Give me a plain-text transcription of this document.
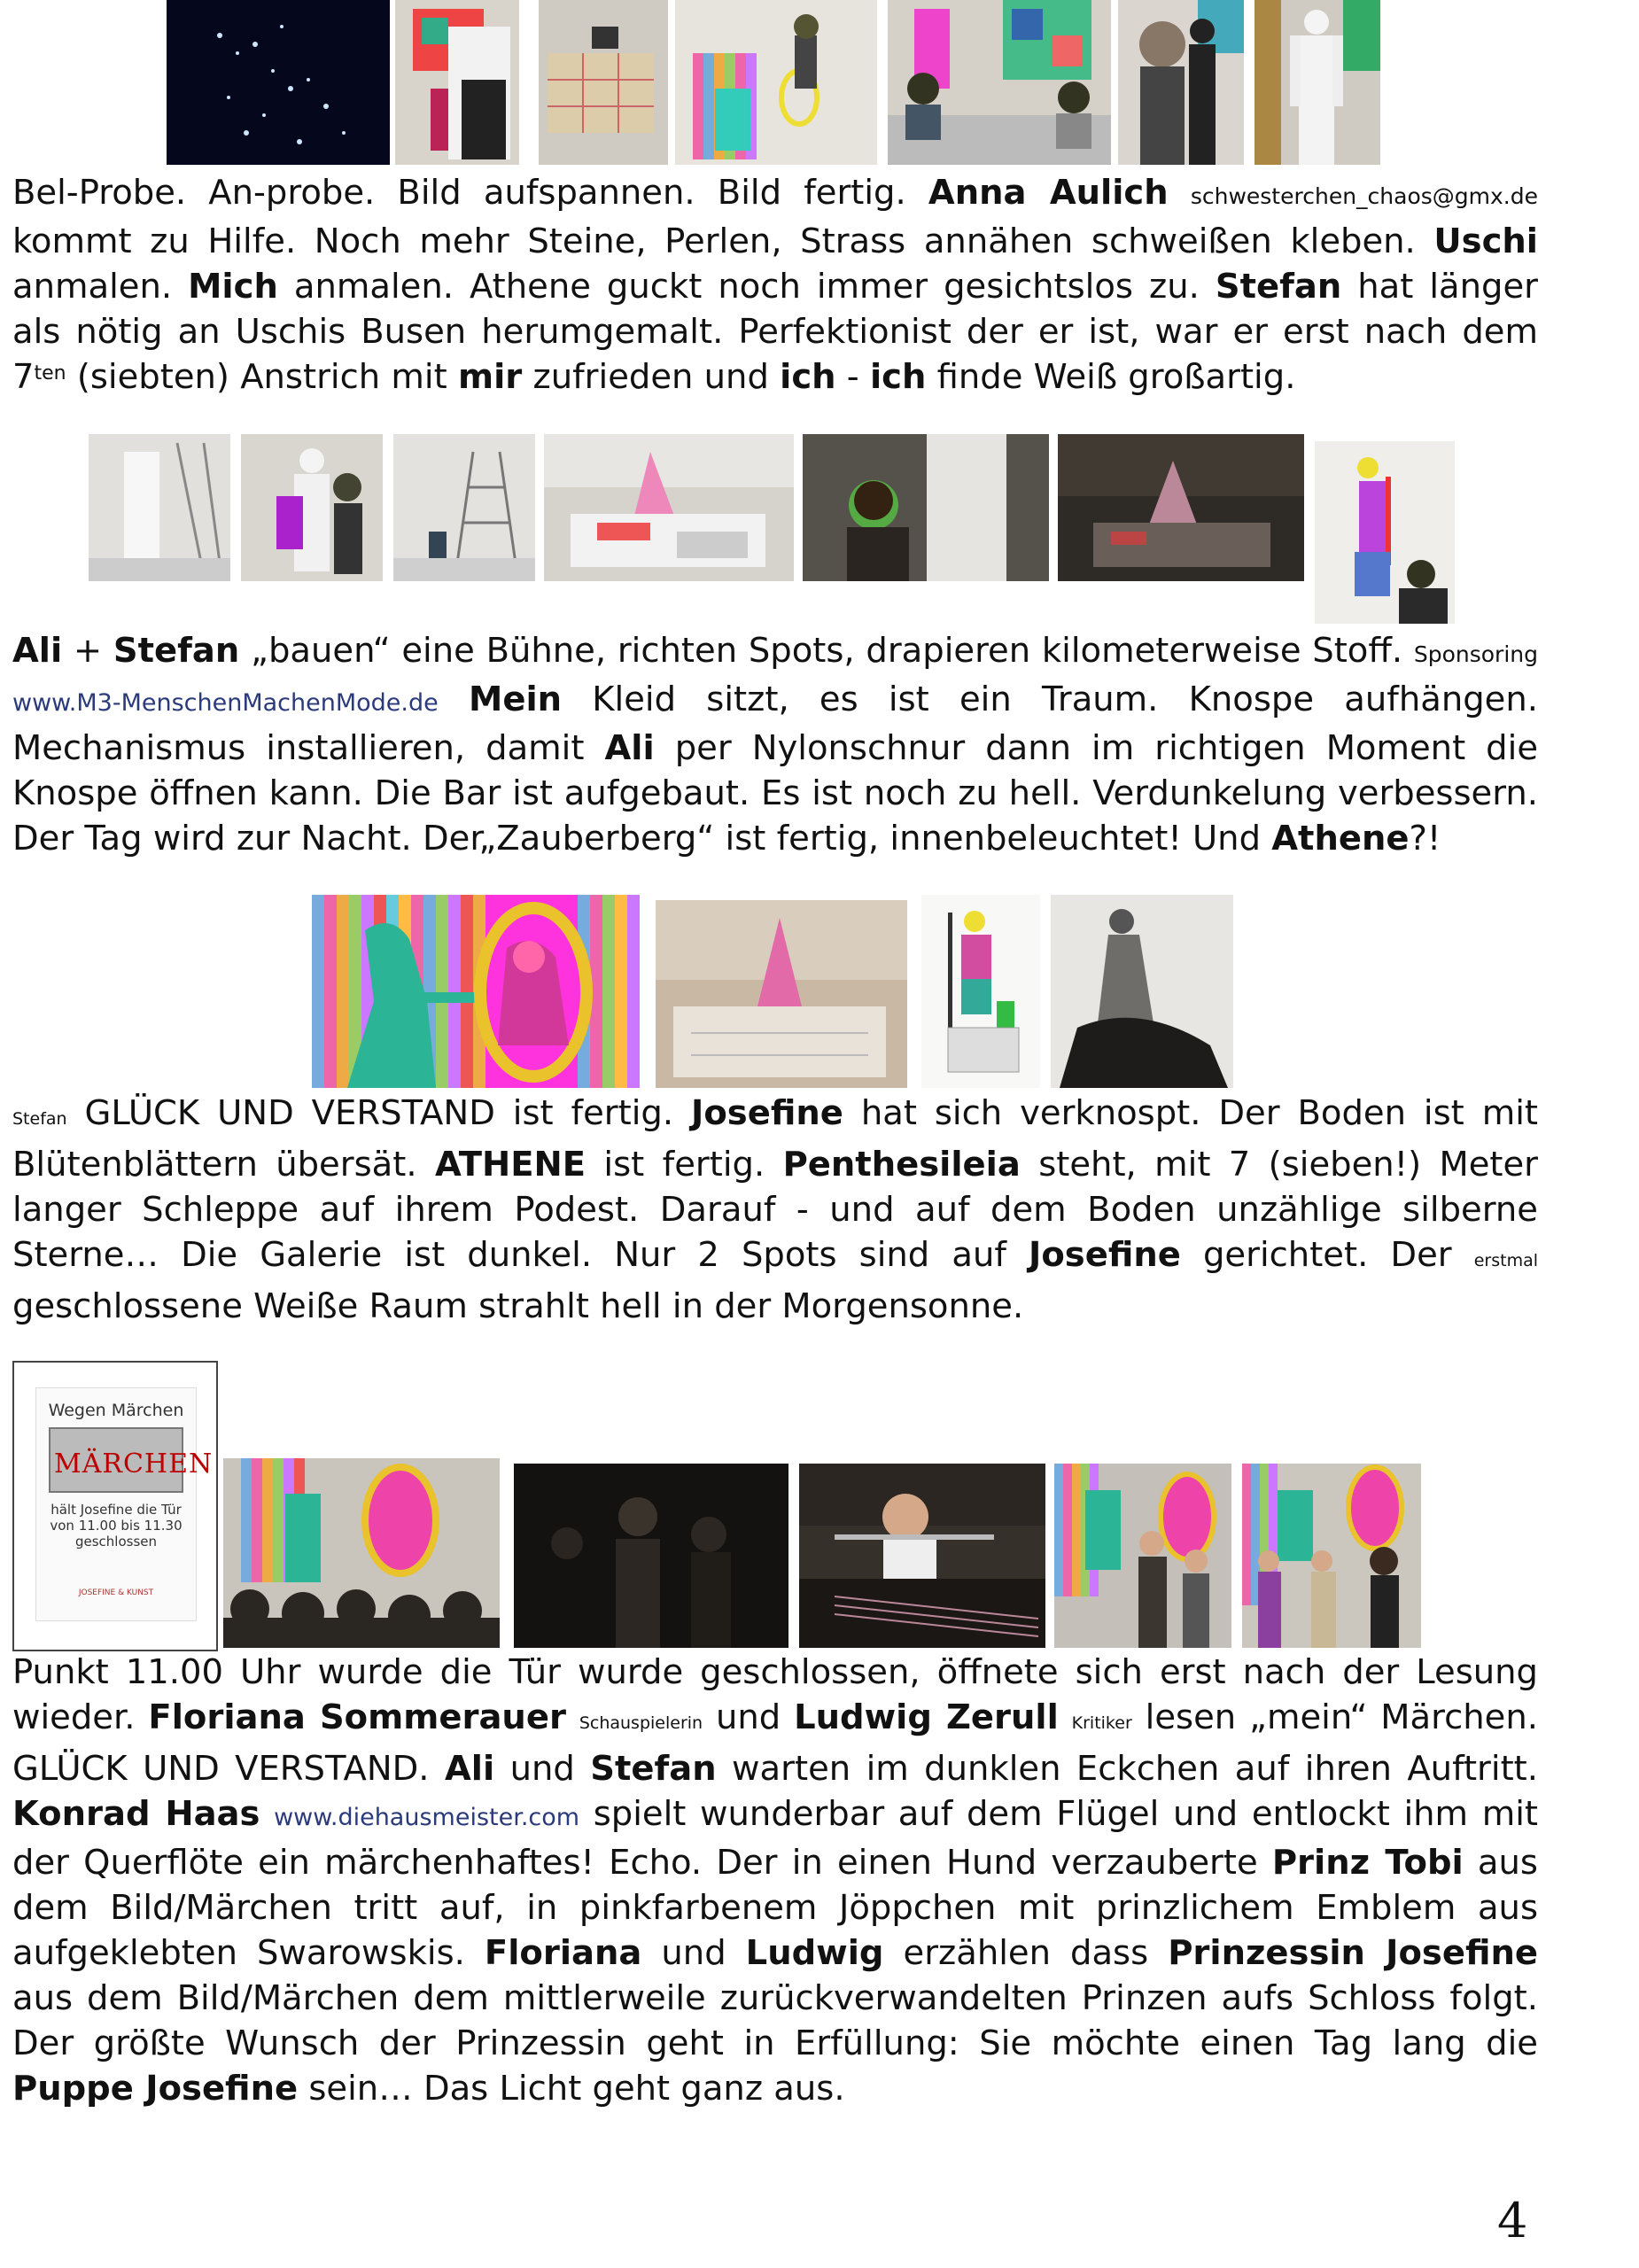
Bel-Probe. An-probe. Bild aufspannen. Bild fertig. Anna Aulich schwesterchen_chaos@gmx.de kommt zu Hilfe. Noch mehr Steine, Perlen, Strass annähen schweißen kleben. Uschi anmalen. Mich anmalen. Athene guckt noch immer gesichtslos zu. Stefan hat länger als nötig an Uschis Busen herumgemalt. Perfektionist der er ist, war er erst nach dem $7^{ten}$ (siebten) Anstrich mit mir zufrieden und ich - ich finde Weiß großartig.

Ali + Stefan „bauen“ eine Bühne, richten Spots, drapieren kilometerweise Stoff. Sponsoring www.M3-MenschenMachenMode.de Mein Kleid sitzt, es ist ein Traum. Knospe aufhängen. Mechanismus installieren, damit Ali per Nylonschnur dann im richtigen Moment die Knospe öffnen kann. Die Bar ist aufgebaut. Es ist noch zu hell. Verdunkelung verbessern. Der Tag wird zur Nacht. Der„Zauberberg“ ist fertig, innenbeleuchtet! Und Athene?!

Stefan GLÜCK UND VERSTAND ist fertig. Josefine hat sich verknospt. Der Boden ist mit Blütenblättern übersät. ATHENE ist fertig. Penthesileia steht, mit 7 (sieben!) Meter langer Schleppe auf ihrem Podest. Darauf - und auf dem Boden unzählige silberne Sterne… Die Galerie ist dunkel. Nur 2 Spots sind auf Josefine gerichtet. Der erstmal geschlossene Weiße Raum strahlt hell in der Morgensonne.

Wegen Märchen
MÄRCHEN
hält Josefine die Tür
von 11.00 bis 11.30
geschlossen
JOSEFINE & KUNST

Punkt 11.00 Uhr wurde die Tür wurde geschlossen, öffnete sich erst nach der Lesung wieder. Floriana Sommerauer Schauspielerin und Ludwig Zerull Kritiker lesen „mein“ Märchen. GLÜCK UND VERSTAND. Ali und Stefan warten im dunklen Eckchen auf ihren Auftritt. Konrad Haas www.diehausmeister.com spielt wunderbar auf dem Flügel und entlockt ihm mit der Querflöte ein märchenhaftes! Echo. Der in einen Hund verzauberte Prinz Tobi aus dem Bild/Märchen tritt auf, in pinkfarbenem Jöppchen mit prinzlichem Emblem aus aufgeklebten Swarowskis. Floriana und Ludwig erzählen dass Prinzessin Josefine aus dem Bild/Märchen dem mittlerweile zurückverwandelten Prinzen aufs Schloss folgt. Der größte Wunsch der Prinzessin geht in Erfüllung: Sie möchte einen Tag lang die Puppe Josefine sein… Das Licht geht ganz aus.

4
